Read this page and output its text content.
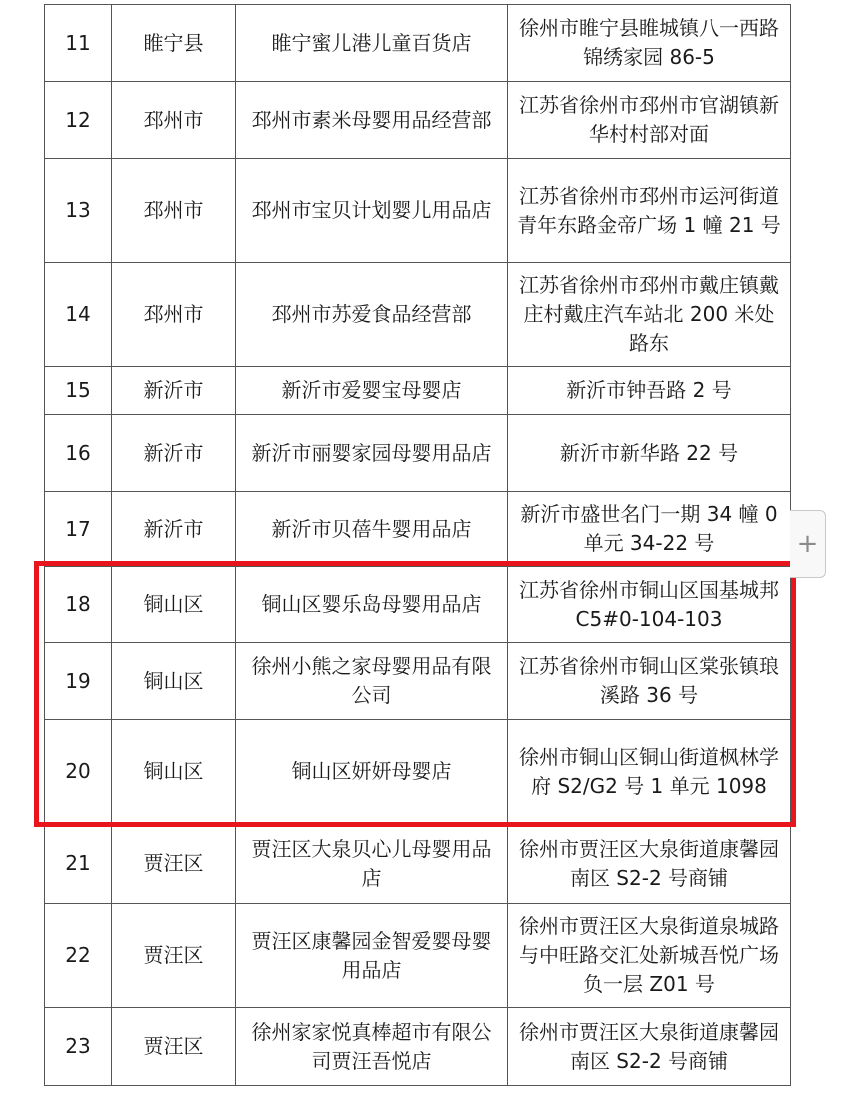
11	睢宁县	睢宁蜜儿港儿童百货店	徐州市睢宁县睢城镇八一西路锦绣家园 86-5
12	邳州市	邳州市素米母婴用品经营部	江苏省徐州市邳州市官湖镇新华村村部对面
13	邳州市	邳州市宝贝计划婴儿用品店	江苏省徐州市邳州市运河街道青年东路金帝广场 1 幢 21 号
14	邳州市	邳州市苏爱食品经营部	江苏省徐州市邳州市戴庄镇戴庄村戴庄汽车站北 200 米处路东
15	新沂市	新沂市爱婴宝母婴店	新沂市钟吾路 2 号
16	新沂市	新沂市丽婴家园母婴用品店	新沂市新华路 22 号
17	新沂市	新沂市贝蓓牛婴用品店	新沂市盛世名门一期 34 幢 0 单元 34-22 号
18	铜山区	铜山区婴乐岛母婴用品店	江苏省徐州市铜山区国基城邦 C5#0-104-103
19	铜山区	徐州小熊之家母婴用品有限公司	江苏省徐州市铜山区棠张镇琅溪路 36 号
20	铜山区	铜山区妍妍母婴店	徐州市铜山区铜山街道枫林学府 S2/G2 号 1 单元 1098
21	贾汪区	贾汪区大泉贝心儿母婴用品店	徐州市贾汪区大泉街道康馨园南区 S2-2 号商铺
22	贾汪区	贾汪区康馨园金智爱婴母婴用品店	徐州市贾汪区大泉街道泉城路与中旺路交汇处新城吾悦广场负一层 Z01 号
23	贾汪区	徐州家家悦真棒超市有限公司贾汪吾悦店	徐州市贾汪区大泉街道康馨园南区 S2-2 号商铺
+
